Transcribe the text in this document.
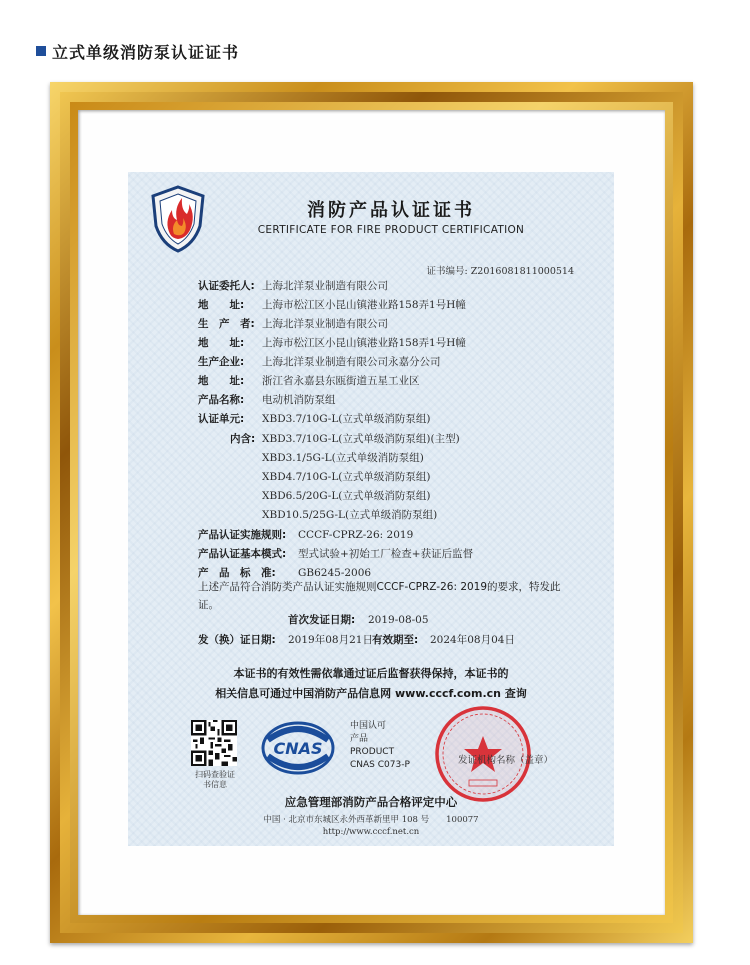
立式单级消防泵认证证书
消防产品认证证书
CERTIFICATE FOR FIRE PRODUCT CERTIFICATION
证书编号: Z2016081811000514
认证委托人: 上海北洋泵业制造有限公司
地　　址: 上海市松江区小昆山镇港业路158弄1号H幢
生　产　者: 上海北洋泵业制造有限公司
地　　址: 上海市松江区小昆山镇港业路158弄1号H幢
生产企业: 上海北洋泵业制造有限公司永嘉分公司
地　　址: 浙江省永嘉县东瓯街道五星工业区
产品名称: 电动机消防泵组
认证单元: XBD3.7/10G-L(立式单级消防泵组)
内含: XBD3.7/10G-L(立式单级消防泵组)(主型)
XBD3.1/5G-L(立式单级消防泵组)
XBD4.7/10G-L(立式单级消防泵组)
XBD6.5/20G-L(立式单级消防泵组)
XBD10.5/25G-L(立式单级消防泵组)
产品认证实施规则: CCCF-CPRZ-26: 2019
产品认证基本模式: 型式试验+初始工厂检查+获证后监督
产　品　标　准: GB6245-2006
上述产品符合消防类产品认证实施规则CCCF-CPRZ-26: 2019的要求，特发此证。
首次发证日期: 2019-08-05
发（换）证日期: 2019年08月21日 有效期至: 2024年08月04日
本证书的有效性需依靠通过证后监督获得保持，本证书的
相关信息可通过中国消防产品信息网 www.cccf.com.cn 查询
扫码查验证书信息
CNAS
中国认可
产品
PRODUCT
CNAS C073-P	发证机构名称（盖章）
应急管理部消防产品合格评定中心
中国 · 北京市东城区永外西革新里甲 108 号　　100077
http://www.cccf.net.cn
